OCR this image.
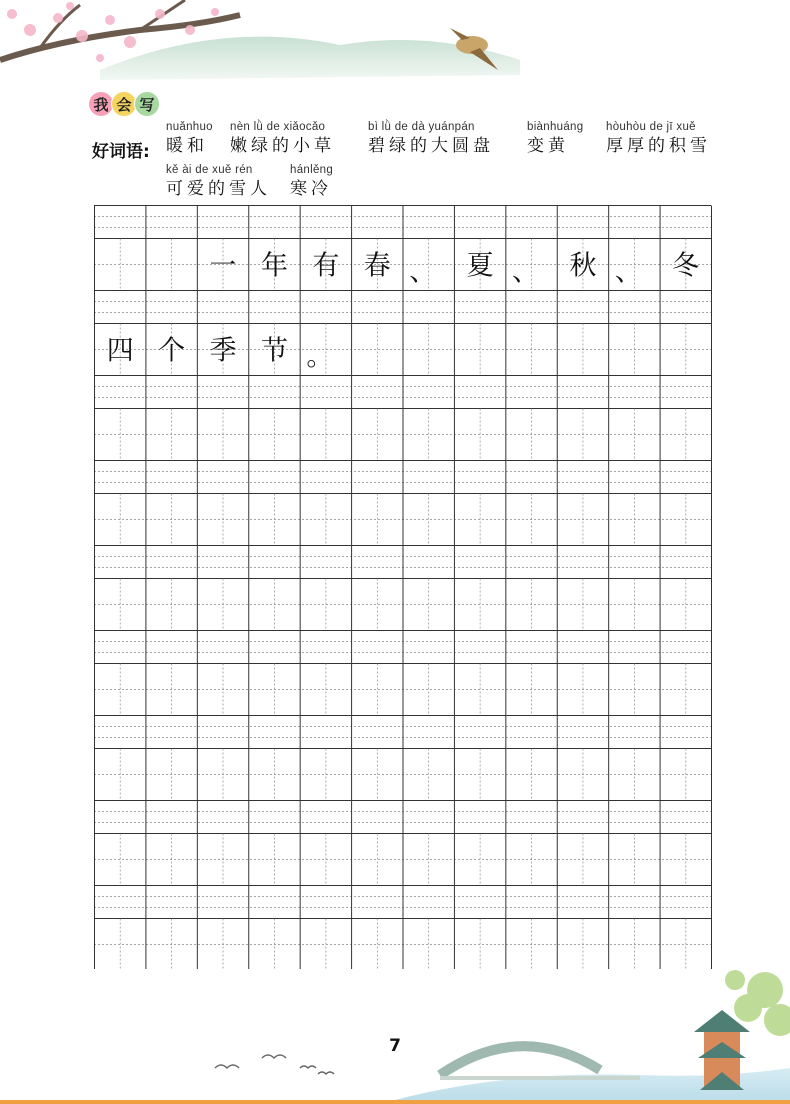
我 会 写
好词语:
nuǎnhuo
暖和
nèn lǜ de xiǎocǎo
嫩绿的小草
bì lǜ de dà yuánpán
碧绿的大圆盘
biànhuáng
变黄
hòuhòu de jī xuě
厚厚的积雪
kě ài de xuě rén
可爱的雪人
hánlěng
寒冷
一 年 有 春 、 夏 、 秋 、 冬
四 个 季 节 。
7
